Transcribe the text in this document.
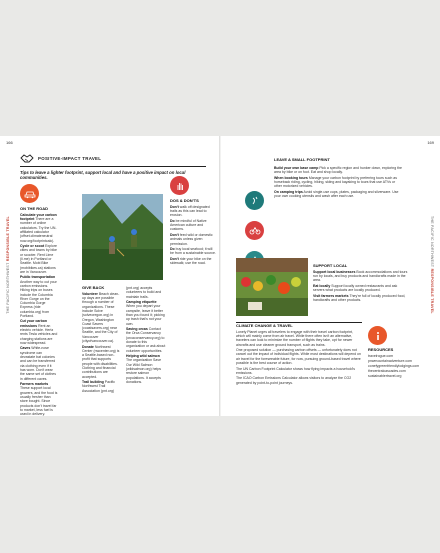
166	169
THE PACIFIC NORTHWEST RESPONSIBLE TRAVEL	THE PACIFIC NORTHWEST RESPONSIBLE TRAVEL
POSITIVE-IMPACT TRAVEL
Tips to leave a lighter footprint, support local and have a positive impact on local communities.
ON THE ROAD

Calculate your carbon footprint There are a number of online calculators. Try the UN-affiliated calculator (offset.climateneutral now.org/footprintcalc).

Cycle or scoot Explore cities and towns by bike or scooter. Rent Lime (li.me) in Portland or Seattle. Mobi Bike (mobibikes.ca) stations are in Vancouver.

Public transportation Another way to cut your carbon emissions. Hiking trips on buses include the Columbia River Gorge on the Columbia Gorge Express (ride columbia.org) from Portland.

Cut your carbon emissions Rent an electric vehicle. Hertz rents Tesla vehicles and charging stations are now widespread.

Caves White-nose syndrome can devastate bat colonies and can be transferred via clothing even if it has worn. Don't wear the same set of clothes in different caves.

Farmers markets These support local growers, and the food is usually fresher than store bought. Since products don't travel far to market, less fuel is used in delivery.

GIVE BACK

Volunteer Beach clean-up days are possible through a number of organizations. These include Solve (solveoregon.org) in Oregon, Washington Coast Savers (coastsavers.org) near Seattle, and the City of Vancouver (cityofvancouver.ca).

Donate Northwest Center (nwcenter.org) is a Seattle-based non-profit that supports people with disabilities. Clothing and financial contributions are accepted.

Trail building Pacific Northwest Trail Association (pnt.org)

(pnt.org) accepts volunteers to build and maintain trails.

Camping etiquette When you depart your campsite, leave it better than you found it; picking up trash that's not your own.

Saving orcas Contact the Orca Conservancy (orcaconservancy.org) to donate to this organization or ask about volunteer opportunities.

Helping wild salmon The organization Save Our Wild Salmon (wildsalmon.org) helps restore salmon populations. It accepts donations.

DOS & DON'TS

Don't walk off designated trails as this can lead to erosion.

Do be mindful of Native American culture and customs.

Don't feed wild or domestic animals unless given permission.

Do buy local seafood; it will be from a sustainable source.

Don't ride your bike on the sidewalk; use the road.

LEAVE A SMALL FOOTPRINT

Build your own base camp Pick a specific region and hunker down, exploring the area by bike or on foot. Eat and shop locally.

When booking tours Manage your carbon footprint by preferring tours such as horseback riding, cycling, hiking, skiing and kayaking to tours that use ATVs or other motorized vehicles.

On camping trips Avoid single-use cups, plates, packaging and silverware. Use your own cooking utensils and wash after each use.

SUPPORT LOCAL

Support local businesses Book accommodations and tours run by locals, and buy products and handicrafts made in the area.

Eat locally Support locally owned restaurants and ask servers what products are locally produced.

Visit farmers markets They're full of locally produced food, handicrafts and other products.

CLIMATE CHANGE & TRAVEL

Lonely Planet urges all travelers to engage with their travel carbon footprint, which will mainly come from air travel. While there often isn't an alternative, travelers can look to minimize the number of flights they take, opt for newer aircrafts and use cleaner ground transport, such as trains.

One proposed solution — purchasing carbon offsets — unfortunately does not cancel out the impact of individual flights. While most destinations will depend on air travel for the foreseeable future, for now, pursuing ground-based travel where possible is the best course of action.

The UN Carbon Footprint Calculator shows how flying impacts a household's emissions.

The ICAO Carbon Emissions Calculator allows visitors to analyze the CO2 generated by point-to-point journeys.

RESOURCES
travelrogue.com
pnwmountainadventure.com
conefygreenfriendlylodgings.com
thecentralcascades.com
sustainablertravel.org
